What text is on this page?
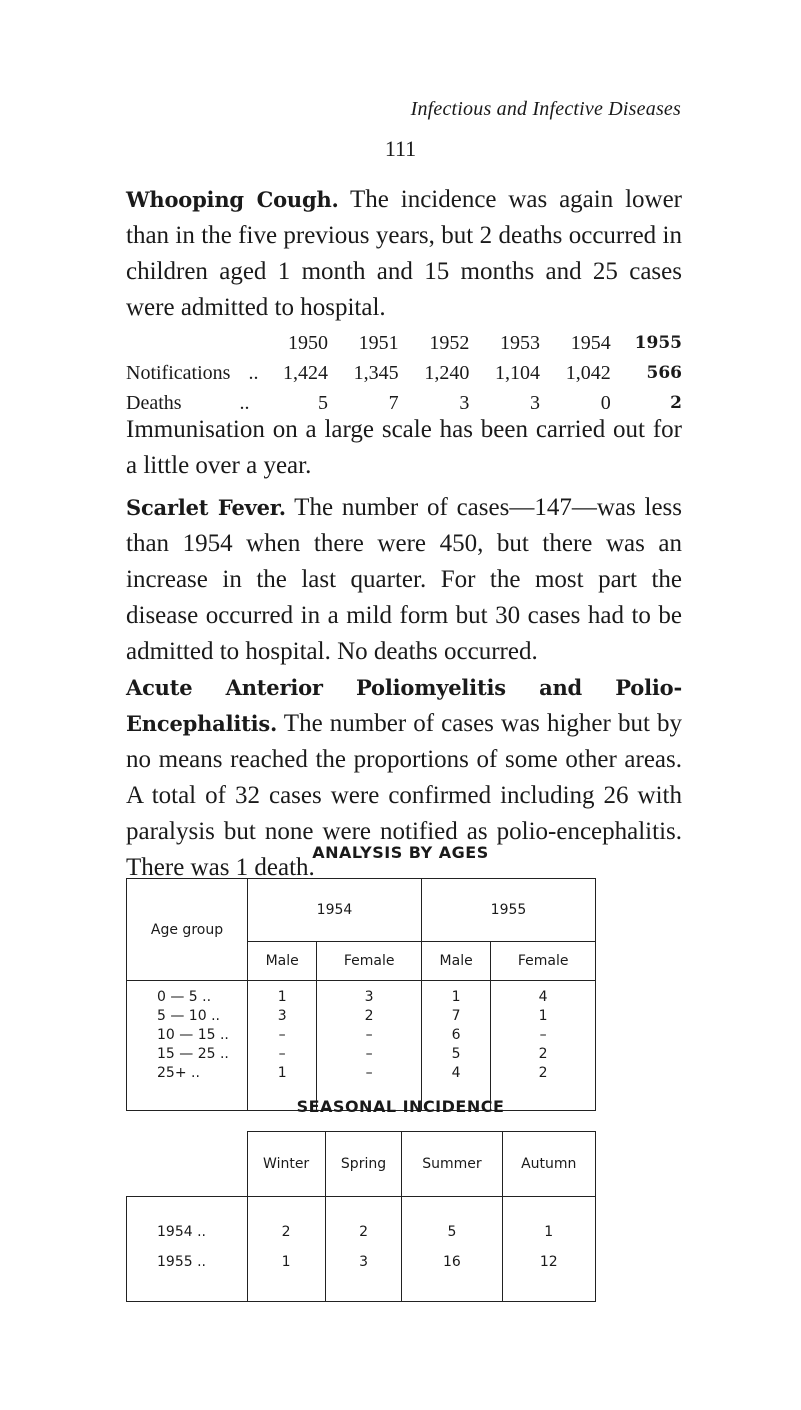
Infectious and Infective Diseases
111

Whooping Cough. The incidence was again lower than in the five previous years, but 2 deaths occurred in children aged 1 month and 15 months and 25 cases were admitted to hospital.

	1950	1951	1952	1953	1954	1955
Notifications ..	1,424	1,345	1,240	1,104	1,042	566
Deaths ..	5	7	3	3	0	2

Immunisation on a large scale has been carried out for a little over a year.

Scarlet Fever. The number of cases—147—was less than 1954 when there were 450, but there was an increase in the last quarter. For the most part the disease occurred in a mild form but 30 cases had to be admitted to hospital. No deaths occurred.

Acute Anterior Poliomyelitis and Polio-Encephalitis. The number of cases was higher but by no means reached the proportions of some other areas. A total of 32 cases were confirmed including 26 with paralysis but none were notified as polio-encephalitis. There was 1 death.

ANALYSIS BY AGES
Age group	1954		1955	
	Male	Female	Male	Female
0 — 5 ..	1	3	1	4
5 — 10 ..	3	2	7	1
10 — 15 ..	–	–	6	–
15 — 25 ..	–	–	5	2
25+ ..	1	–	4	2
SEASONAL INCIDENCE
	Winter	Spring	Summer	Autumn
1954 ..	2	2	5	1
1955 ..	1	3	16	12
